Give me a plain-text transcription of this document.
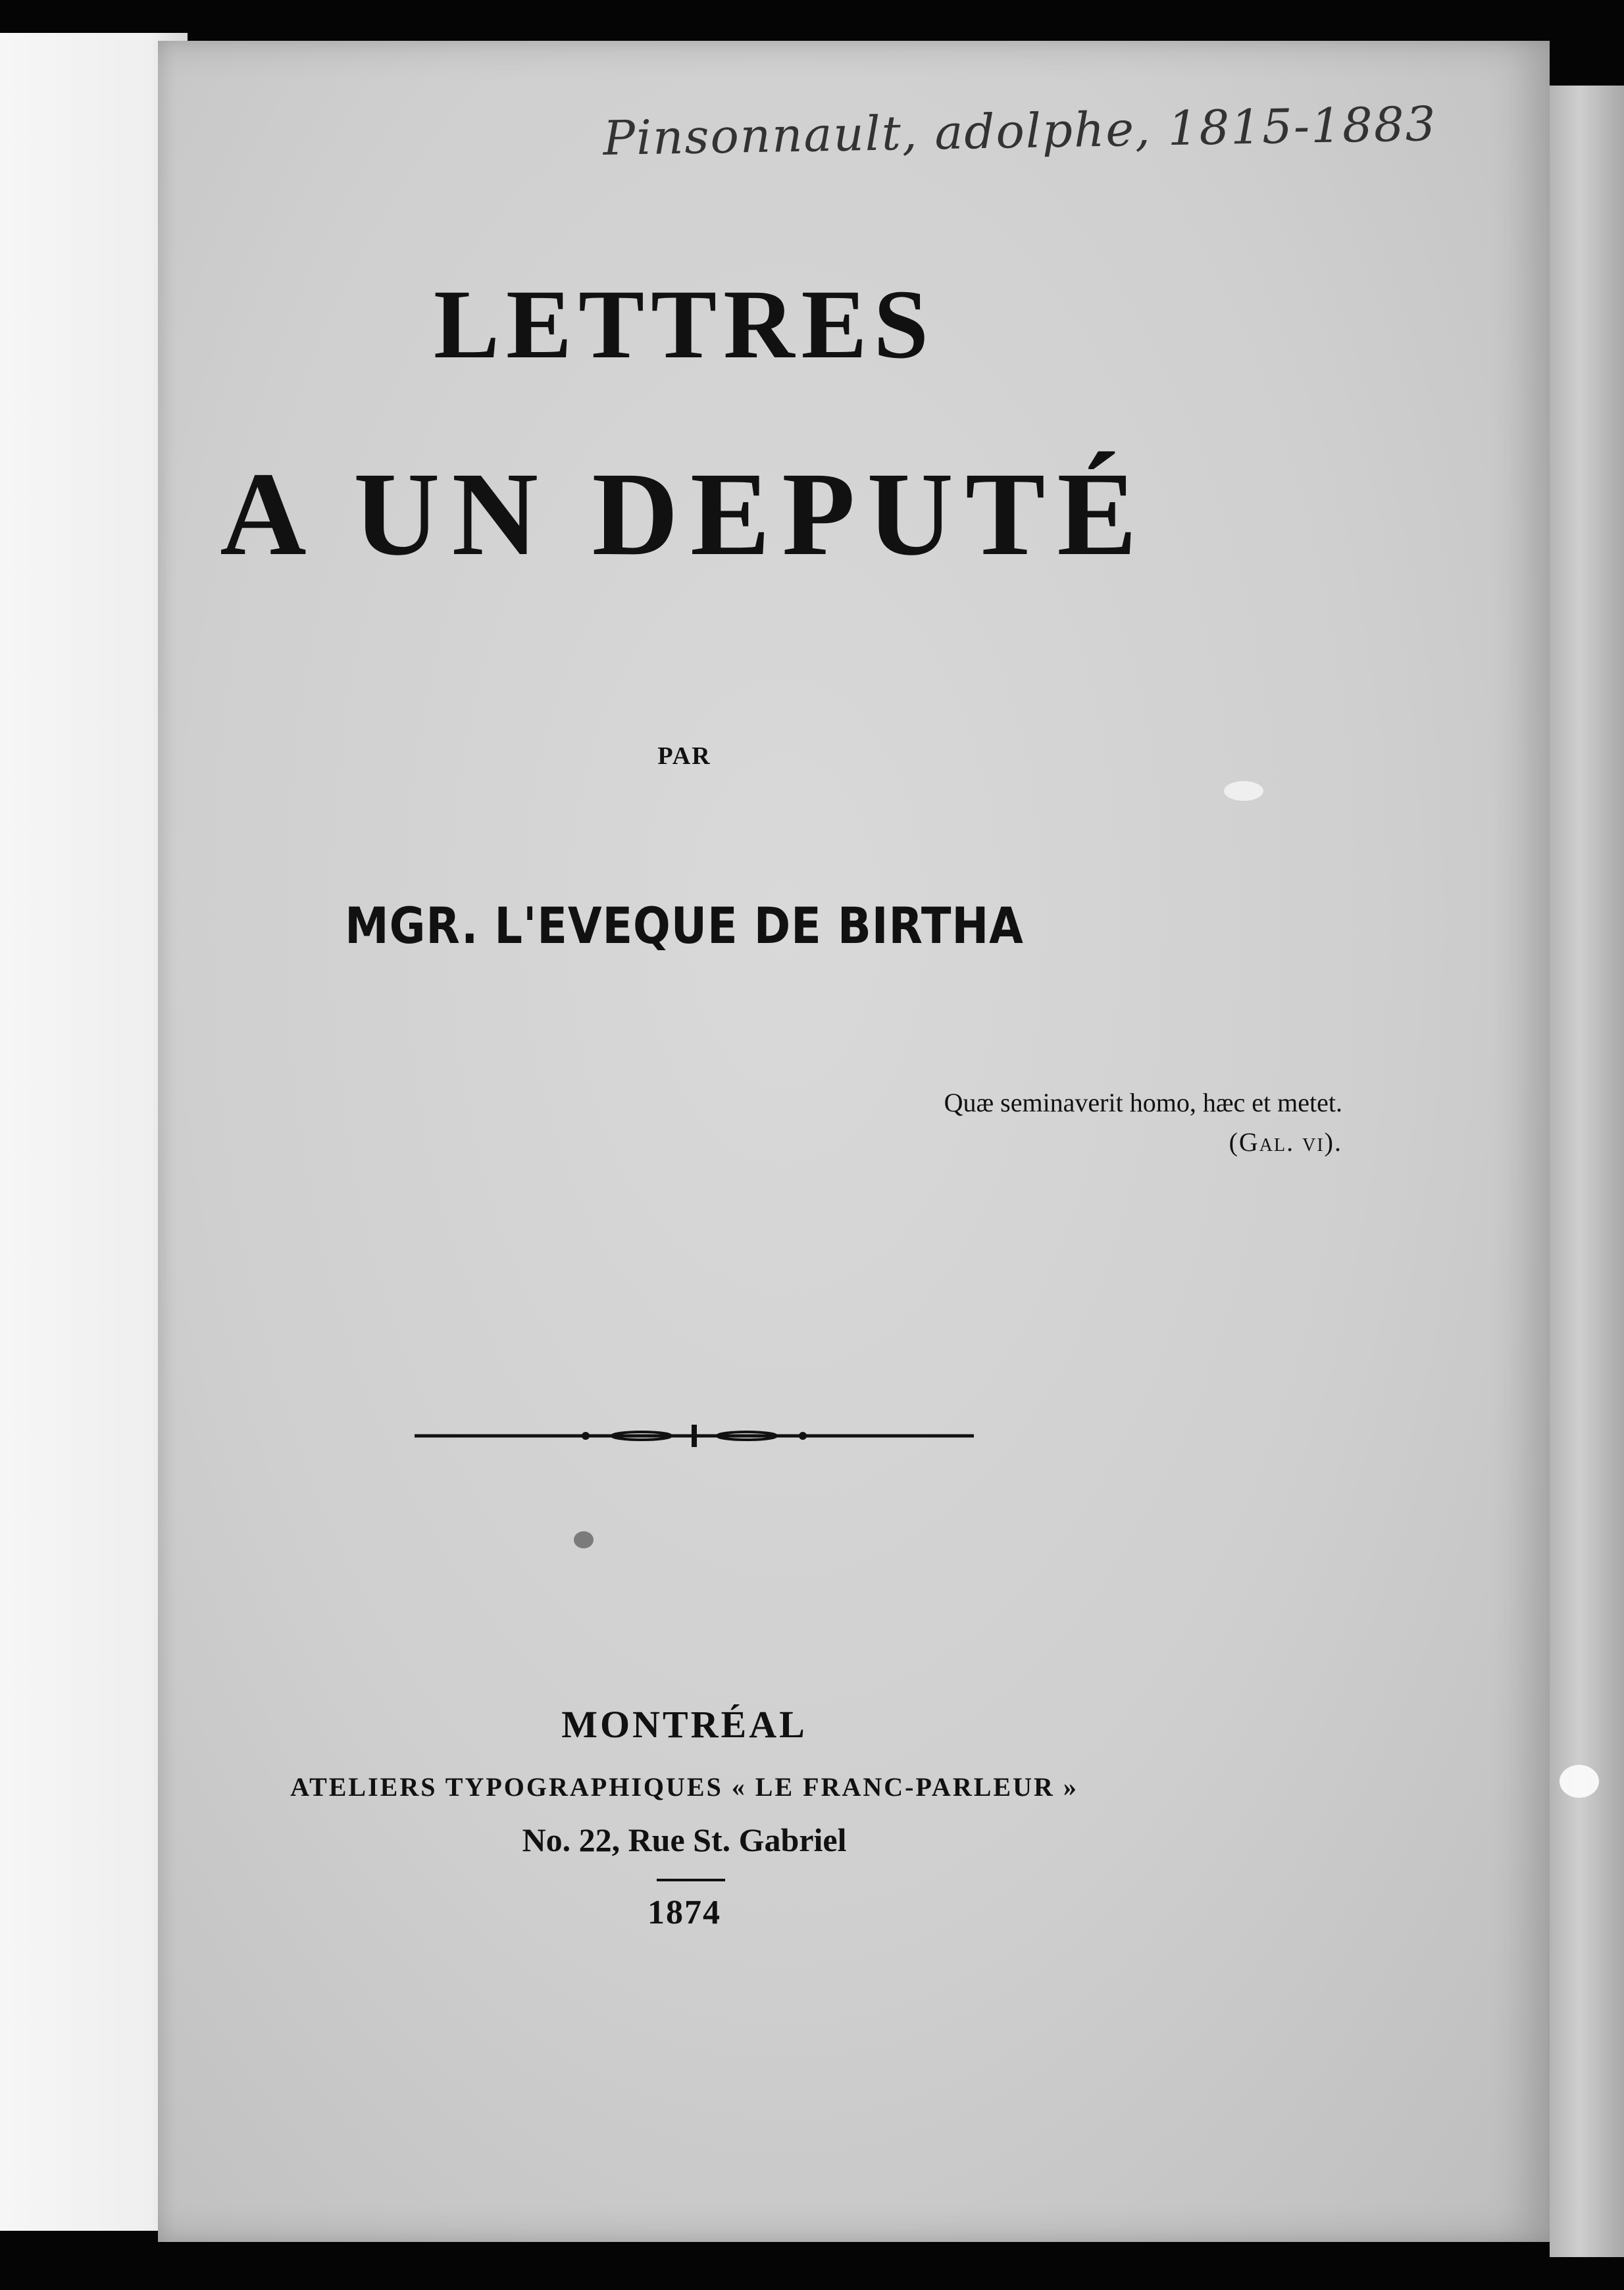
Pinsonnault, adolphe, 1815-1883

LETTRES
A UN DEPUTÉ

PAR

MGR. L'EVEQUE DE BIRTHA

Quæ seminaverit homo, hæc et metet.

(Gal. vi).

MONTRÉAL

ATELIERS TYPOGRAPHIQUES « LE FRANC-PARLEUR »

No. 22, Rue St. Gabriel

1874
